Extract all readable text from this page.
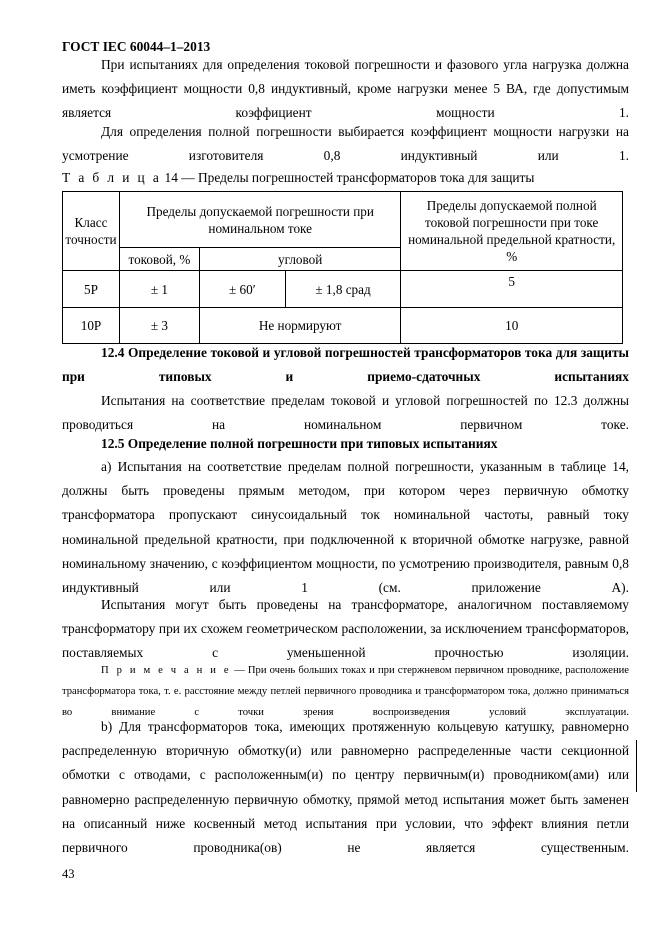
ГОСТ IEC 60044–1–2013
При испытаниях для определения токовой погрешности и фазового угла нагрузка должна иметь коэффициент мощности 0,8 индуктивный, кроме нагрузки менее 5 ВА, где допустимым является коэффициент мощности 1.
Для определения полной погрешности выбирается коэффициент мощности нагрузки на усмотрение изготовителя 0,8 индуктивный или 1.
Т а б л и ц а 14 — Пределы погрешностей трансформаторов тока для защиты
Класс точности	Пределы допускаемой погрешности при номинальном токе			Пределы допускаемой полной токовой погрешности при токе номинальной предельной кратности, %
	токовой, %	угловой		
5P	± 1	± 60′	± 1,8 срад	5
10P	± 3	Не нормируют		10
12.4 Определение токовой и угловой погрешностей трансформаторов тока для защиты при типовых и приемо-сдаточных испытаниях
Испытания на соответствие пределам токовой и угловой погрешностей по 12.3 должны проводиться на номинальном первичном токе.
12.5 Определение полной погрешности при типовых испытаниях
а) Испытания на соответствие пределам полной погрешности, указанным в таблице 14, должны быть проведены прямым методом, при котором через первичную обмотку трансформатора пропускают синусоидальный ток номинальной частоты, равный току номинальной предельной кратности, при подключенной к вторичной обмотке нагрузке, равной номинальному значению, с коэффициентом мощности, по усмотрению производителя, равным 0,8 индуктивный или 1 (см. приложение А).
Испытания могут быть проведены на трансформаторе, аналогичном поставляемому трансформатору при их схожем геометрическом расположении, за исключением трансформаторов, поставляемых с уменьшенной прочностью изоляции.
П р и м е ч а н и е — При очень больших токах и при стержневом первичном проводнике, расположение трансформатора тока, т. е. расстояние между петлей первичного проводника и трансформатором тока, должно приниматься во внимание с точки зрения воспроизведения условий эксплуатации.
b) Для трансформаторов тока, имеющих протяженную кольцевую катушку, равномерно распределенную вторичную обмотку(и) или равномерно распределенные части секционной обмотки с отводами, с расположенным(и) по центру первичным(и) проводником(ами) или равномерно распределенную первичную обмотку, прямой метод испытания может быть заменен на описанный ниже косвенный метод испытания при условии, что эффект влияния петли первичного проводника(ов) не является существенным.
43
